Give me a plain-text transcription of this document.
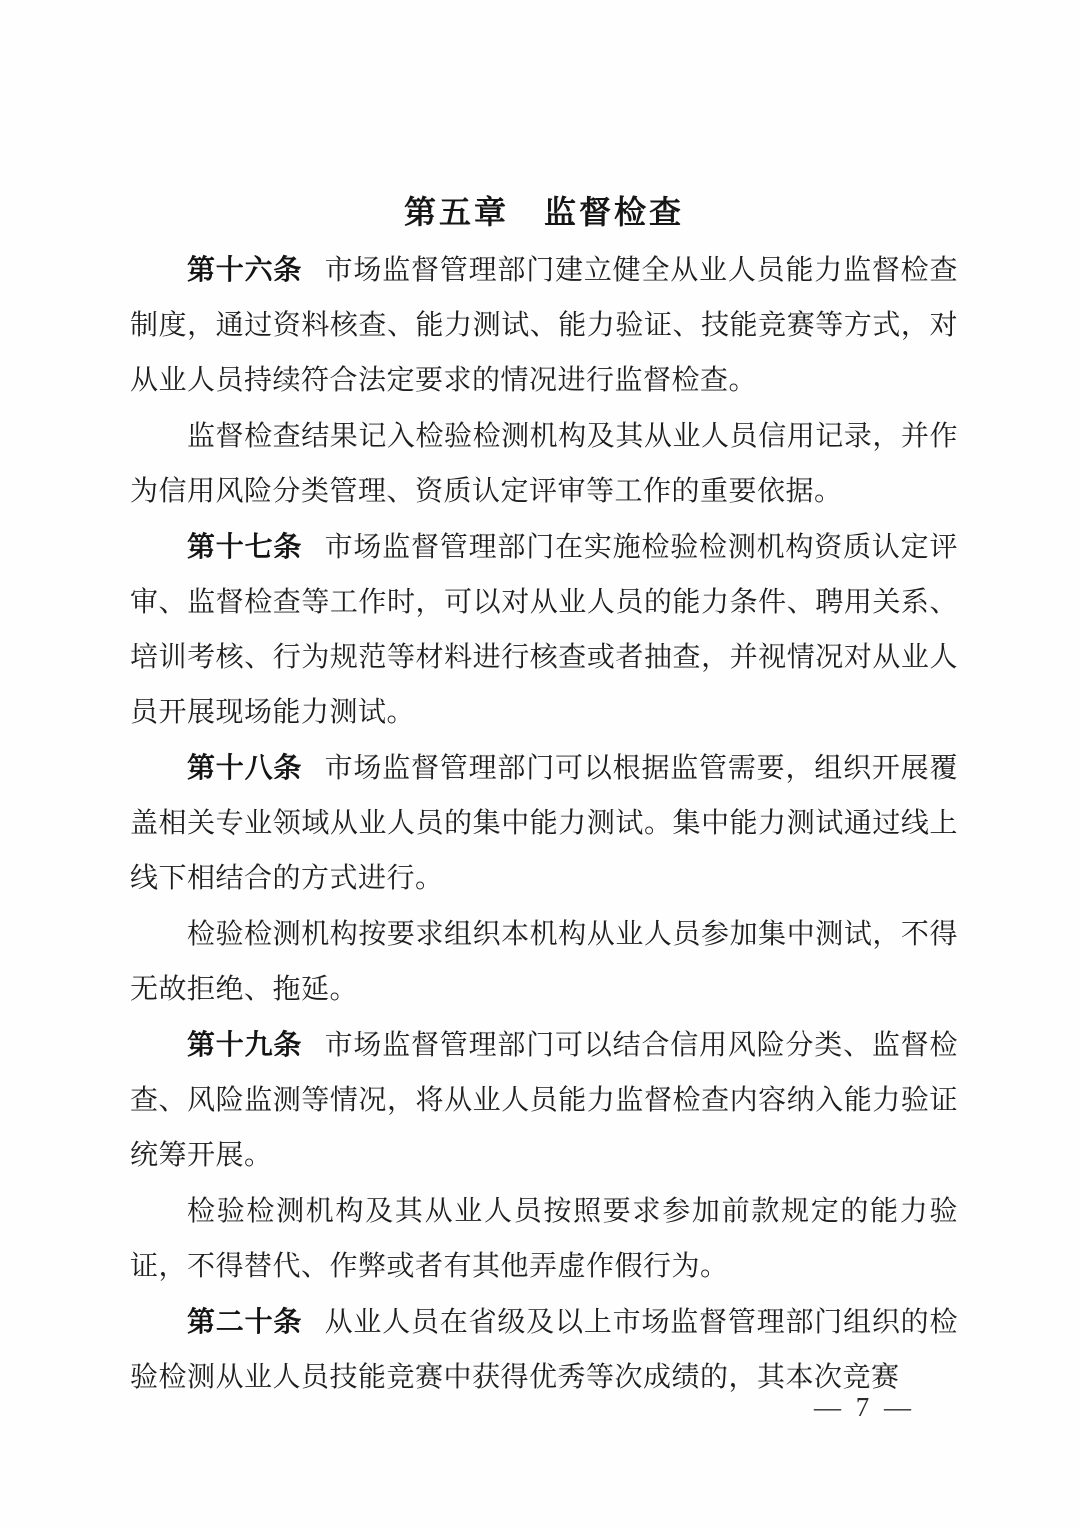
第五章　监督检查

第十六条 市场监督管理部门建立健全从业人员能力监督检查制度，通过资料核查、能力测试、能力验证、技能竞赛等方式，对从业人员持续符合法定要求的情况进行监督检查。

监督检查结果记入检验检测机构及其从业人员信用记录，并作为信用风险分类管理、资质认定评审等工作的重要依据。

第十七条 市场监督管理部门在实施检验检测机构资质认定评审、监督检查等工作时，可以对从业人员的能力条件、聘用关系、培训考核、行为规范等材料进行核查或者抽查，并视情况对从业人员开展现场能力测试。

第十八条 市场监督管理部门可以根据监管需要，组织开展覆盖相关专业领域从业人员的集中能力测试。集中能力测试通过线上线下相结合的方式进行。

检验检测机构按要求组织本机构从业人员参加集中测试，不得无故拒绝、拖延。

第十九条 市场监督管理部门可以结合信用风险分类、监督检查、风险监测等情况，将从业人员能力监督检查内容纳入能力验证统筹开展。

检验检测机构及其从业人员按照要求参加前款规定的能力验证，不得替代、作弊或者有其他弄虚作假行为。

第二十条 从业人员在省级及以上市场监督管理部门组织的检验检测从业人员技能竞赛中获得优秀等次成绩的，其本次竞赛

— 7 —
